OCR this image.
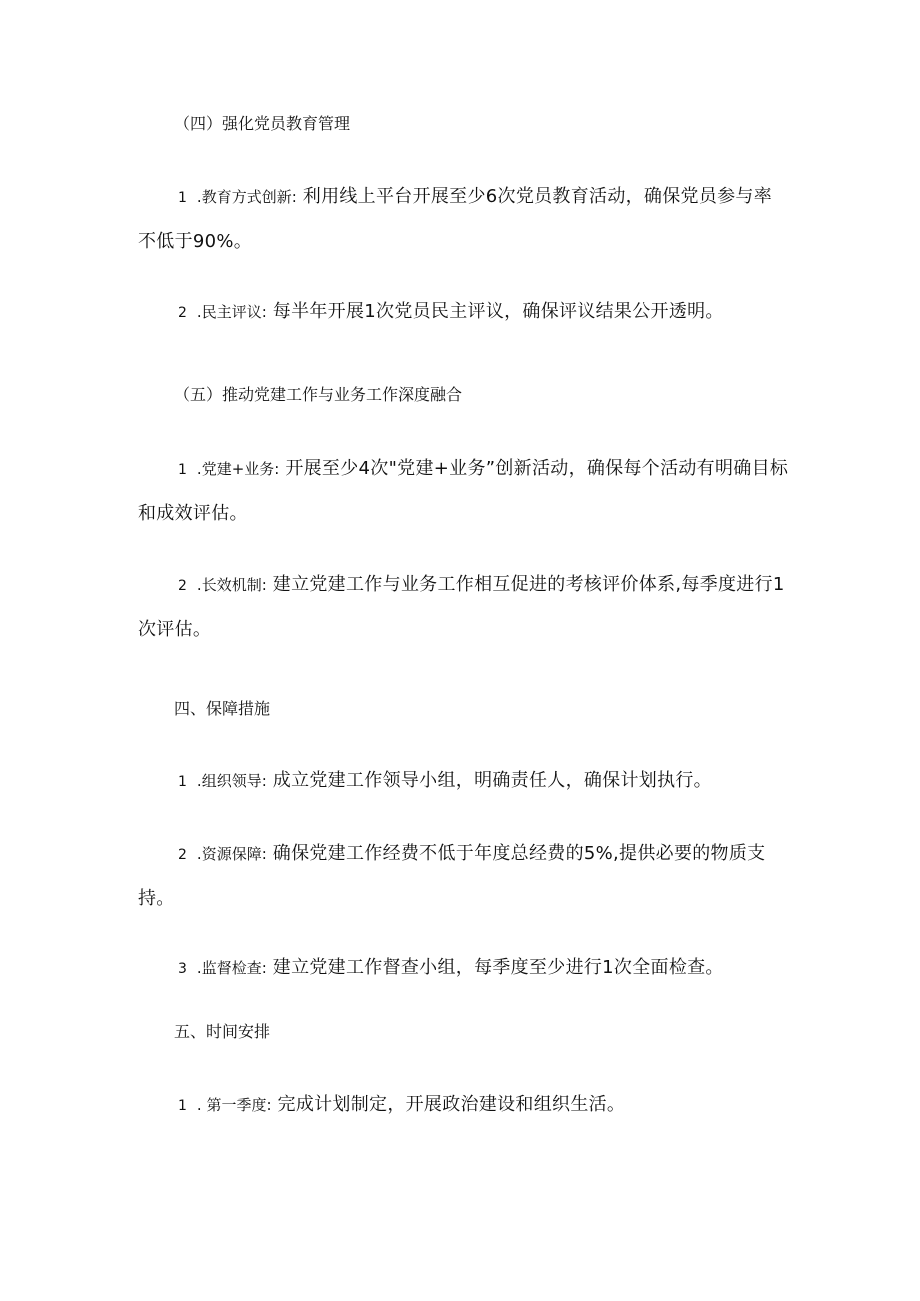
（四）强化党员教育管理
1 .教育方式创新: 利用线上平台开展至少6次党员教育活动，确保党员参与率不低于90%。
2 .民主评议: 每半年开展1次党员民主评议，确保评议结果公开透明。
（五）推动党建工作与业务工作深度融合
1 .党建+业务: 开展至少4次"党建+业务”创新活动，确保每个活动有明确目标和成效评估。
2 .长效机制: 建立党建工作与业务工作相互促进的考核评价体系,每季度进行1次评估。
四、保障措施
1 .组织领导: 成立党建工作领导小组，明确责任人，确保计划执行。
2 .资源保障: 确保党建工作经费不低于年度总经费的5%,提供必要的物质支持。
3 .监督检查: 建立党建工作督查小组，每季度至少进行1次全面检查。
五、时间安排
1 . 第一季度: 完成计划制定，开展政治建设和组织生活。
